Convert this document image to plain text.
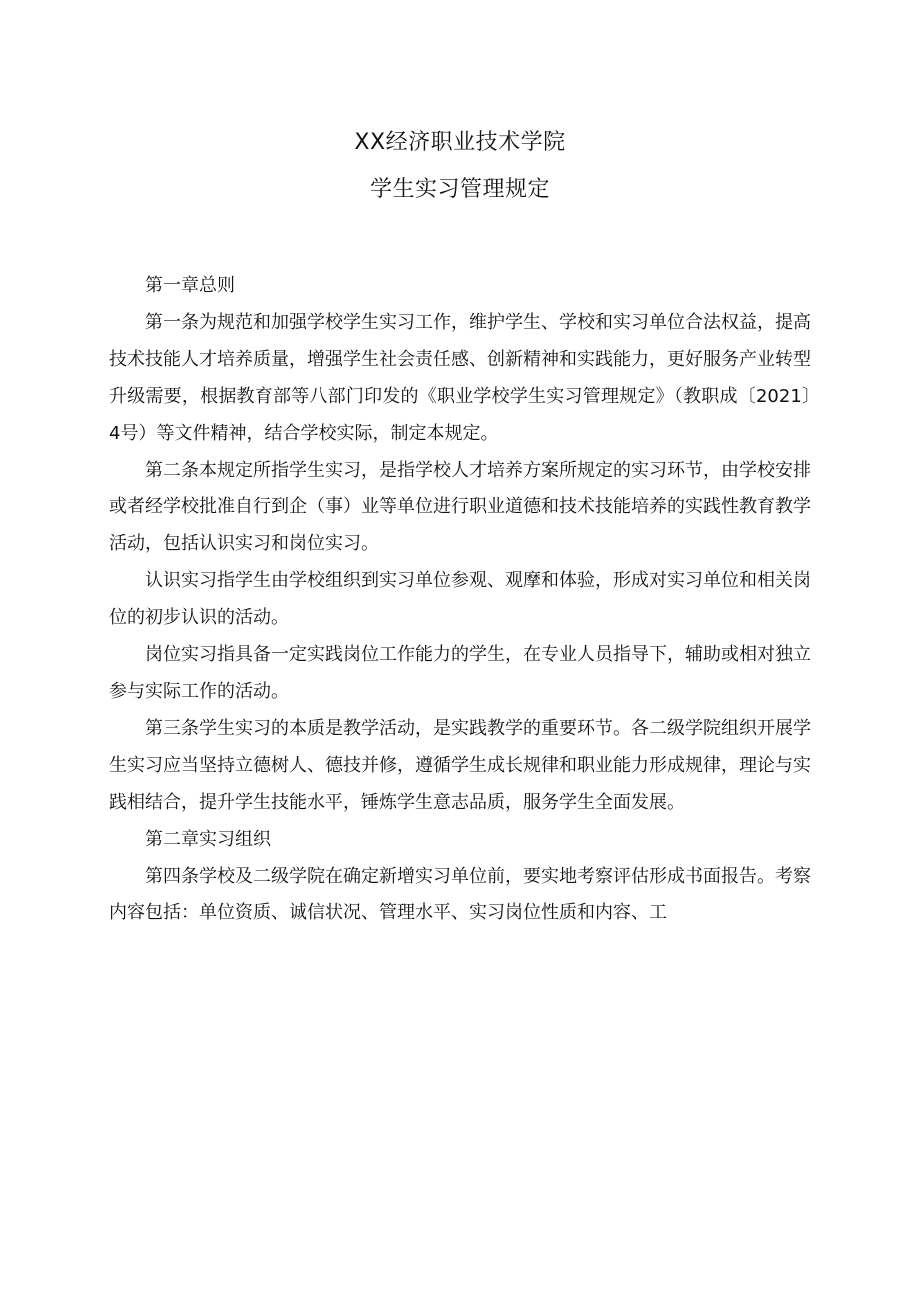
XX经济职业技术学院
学生实习管理规定

第一章总则

第一条为规范和加强学校学生实习工作，维护学生、学校和实习单位合法权益，提高技术技能人才培养质量，增强学生社会责任感、创新精神和实践能力，更好服务产业转型升级需要，根据教育部等八部门印发的《职业学校学生实习管理规定》（教职成〔2021〕4号）等文件精神，结合学校实际，制定本规定。

第二条本规定所指学生实习，是指学校人才培养方案所规定的实习环节，由学校安排或者经学校批准自行到企（事）业等单位进行职业道德和技术技能培养的实践性教育教学活动，包括认识实习和岗位实习。

认识实习指学生由学校组织到实习单位参观、观摩和体验，形成对实习单位和相关岗位的初步认识的活动。

岗位实习指具备一定实践岗位工作能力的学生，在专业人员指导下，辅助或相对独立参与实际工作的活动。

第三条学生实习的本质是教学活动，是实践教学的重要环节。各二级学院组织开展学生实习应当坚持立德树人、德技并修，遵循学生成长规律和职业能力形成规律，理论与实践相结合，提升学生技能水平，锤炼学生意志品质，服务学生全面发展。

第二章实习组织

第四条学校及二级学院在确定新增实习单位前，要实地考察评估形成书面报告。考察内容包括：单位资质、诚信状况、管理水平、实习岗位性质和内容、工
